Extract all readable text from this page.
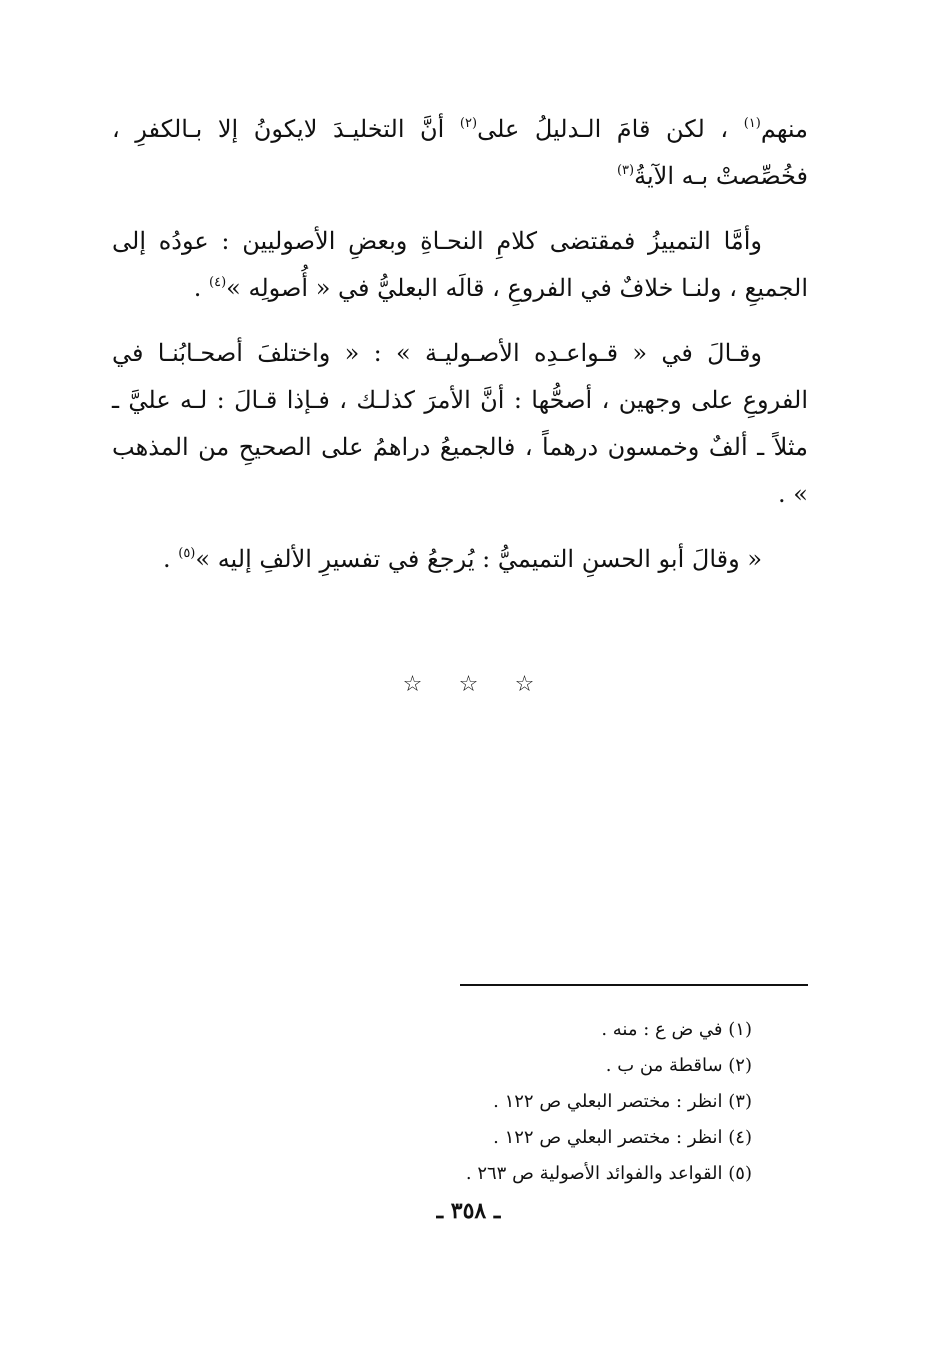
منهم$^{(١)}$ ، لكن قامَ الـدليلُ على$^{(٢)}$ أنَّ التخليـدَ لايكونُ إلا بـالكفرِ ، فخُصِّصتْ بـه الآيةُ$^{(٣)}$

وأمَّا التمييزُ فمقتضى كلامِ النحـاةِ وبعضِ الأصوليين : عودُه إلى الجميعِ ، ولنـا خلافٌ في الفروعِ ، قالَه البعليُّ في « أُصولِه »$^{(٤)}$ .

وقـالَ في « قـواعـدِه الأصـوليـة » : « واختلفَ أصحـابُنـا في الفروعِ على وجهين ، أصحُّها : أنَّ الأمرَ كذلـك ، فـإذا قـالَ : لـه عليَّ ـ مثلاً ـ ألفٌ وخمسون درهماً ، فالجميعُ دراهمُ على الصحيحِ من المذهب » .

« وقالَ أبو الحسنِ التميميُّ : يُرجعُ في تفسيرِ الألفِ إليه »$^{(٥)}$ .

☆ ☆ ☆

(١) في ض ع : منه .

(٢) ساقطة من ب .

(٣) انظر : مختصر البعلي ص ١٢٢ .

(٤) انظر : مختصر البعلي ص ١٢٢ .

(٥) القواعد والفوائد الأصولية ص ٢٦٣ .

ـ ٣٥٨ ـ
